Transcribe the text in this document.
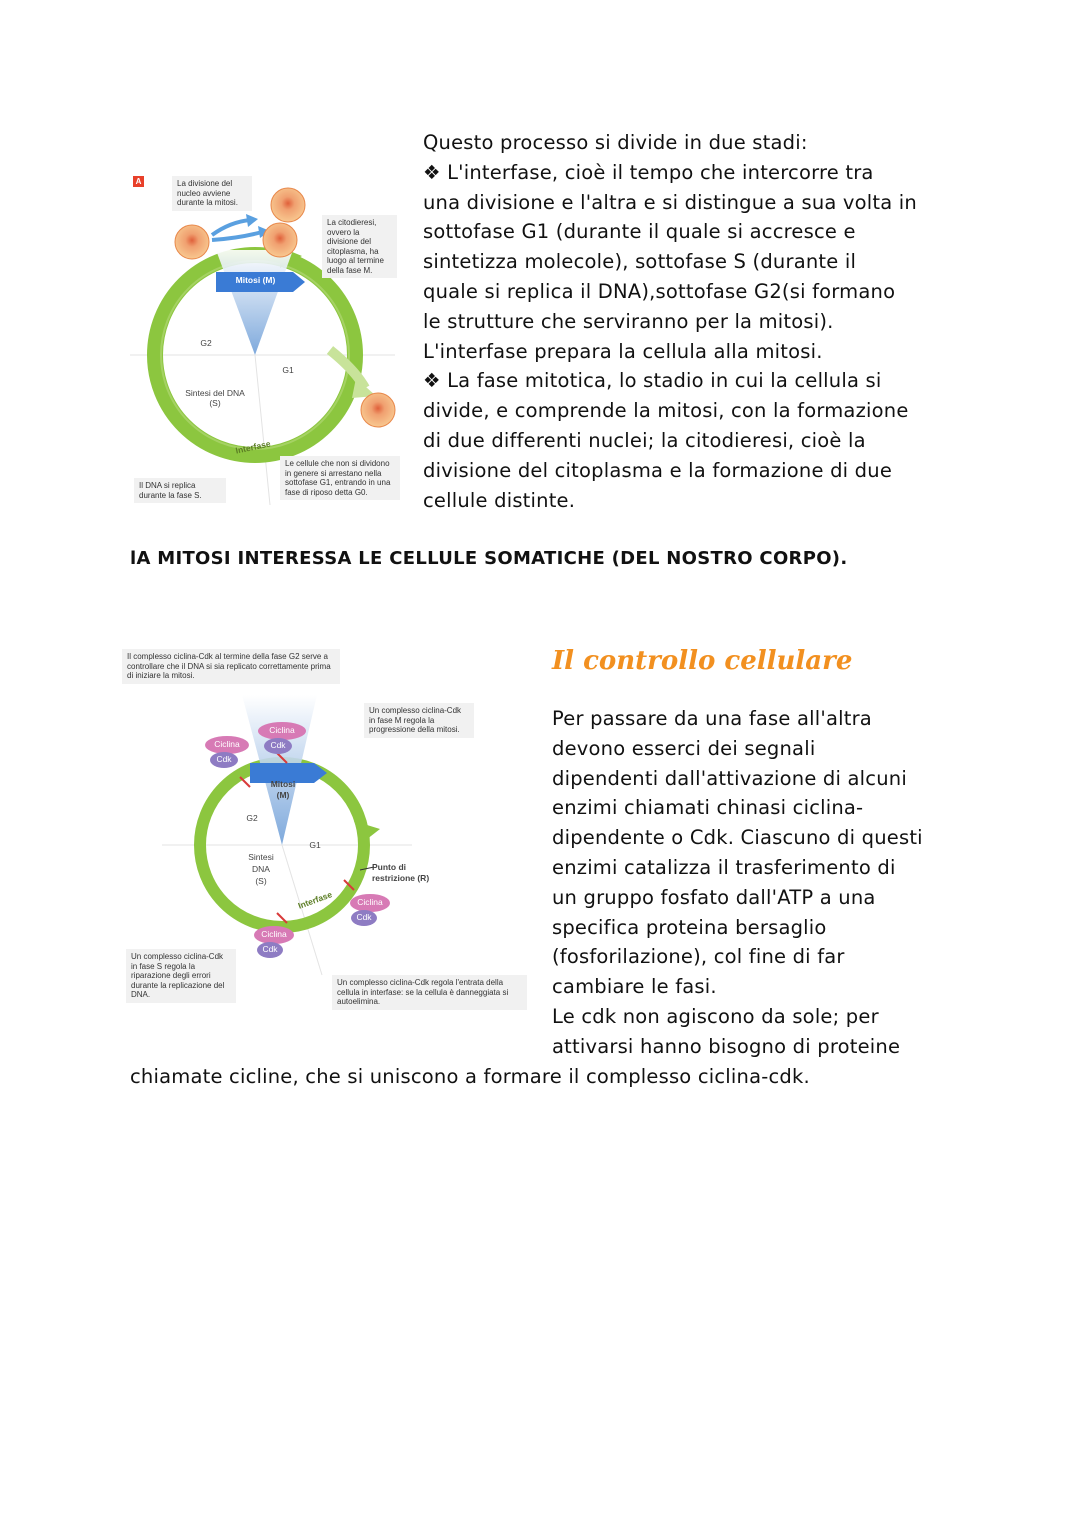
A	La divisione del nucleo avviene durante la mitosi.
La citodieresi, ovvero la divisione del citoplasma, ha luogo al termine della fase M.
Mitosi (M)
G2
G1
Sintesi del DNA (S)
Interfase
Il DNA si replica durante la fase S.
Le cellule che non si dividono in genere si arrestano nella sottofase G1, entrando in una fase di riposo detta G0.

Questo processo si divide in due stadi:

❖ L'interfase, cioè il tempo che intercorre tra

una divisione e l'altra e si distingue a sua volta in

sottofase G1 (durante il quale si accresce e

sintetizza molecole), sottofase S (durante il

quale si replica il DNA),sottofase G2(si formano

le strutture che serviranno per la mitosi).

L'interfase prepara la cellula alla mitosi.

❖ La fase mitotica, lo stadio in cui la cellula si

divide, e comprende la mitosi, con la formazione

di due differenti nuclei; la citodieresi, cioè la

divisione del citoplasma e la formazione di due

cellule distinte.

lA MITOSI INTERESSA LE CELLULE SOMATICHE (DEL NOSTRO CORPO).
Il complesso ciclina-Cdk al termine della fase G2 serve a controllare che il DNA si sia replicato correttamente prima di iniziare la mitosi.
Un complesso ciclina-Cdk in fase M regola la progressione della mitosi.
Ciclina
Cdk
Ciclina
Cdk
Mitosi
(M)
G2
G1
Sintesi
DNA
(S)
Interfase
Punto di
restrizione (R)
Ciclina
Cdk
Ciclina
Cdk
Un complesso ciclina-Cdk in fase S regola la riparazione degli errori durante la replicazione del DNA.
Un complesso ciclina-Cdk regola l'entrata della cellula in interfase: se la cellula è danneggiata si autoelimina.
Il controllo cellulare

Per passare da una fase all'altra

devono esserci dei segnali

dipendenti dall'attivazione di alcuni

enzimi chiamati chinasi ciclina-

dipendente o Cdk. Ciascuno di questi

enzimi catalizza il trasferimento di

un gruppo fosfato dall'ATP a una

specifica proteina bersaglio

(fosforilazione), col fine di far

cambiare le fasi.

Le cdk non agiscono da sole; per

attivarsi hanno bisogno di proteine

chiamate cicline, che si uniscono a formare il complesso ciclina-cdk.
